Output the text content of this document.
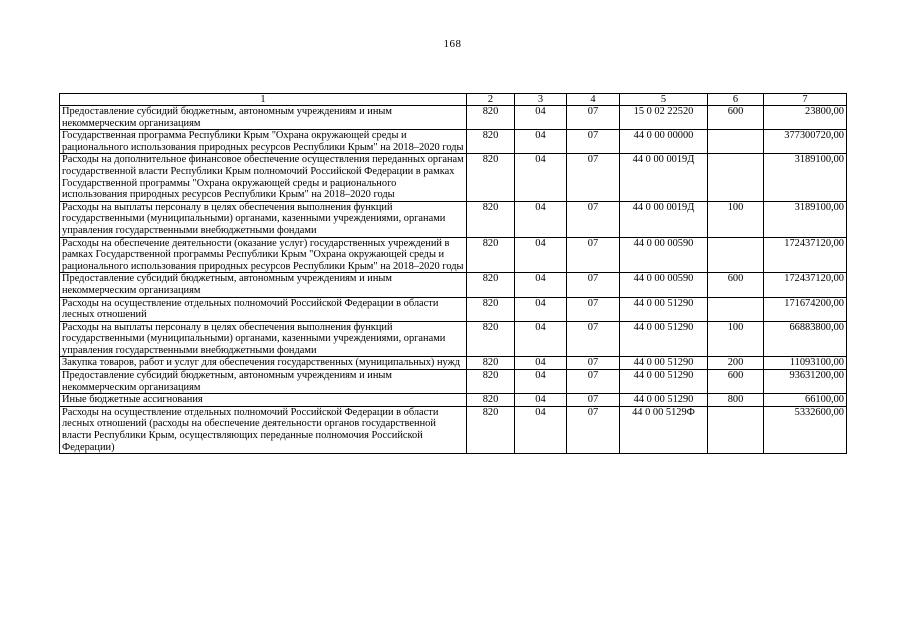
168
1	2	3	4	5	6	7
Предоставление субсидий бюджетным, автономным учреждениям и иным некоммерческим организациям	820	04	07	15 0 02 22520	600	23800,00
Государственная программа Республики Крым "Охрана окружающей среды и рационального использования природных ресурсов Республики Крым" на 2018–2020 годы	820	04	07	44 0 00 00000		377300720,00
Расходы на дополнительное финансовое обеспечение осуществления переданных органам государственной власти Республики Крым полномочий Российской Федерации в рамках Государственной программы "Охрана окружающей среды и рационального использования природных ресурсов Республики Крым" на 2018–2020 годы	820	04	07	44 0 00 0019Д		3189100,00
Расходы на выплаты персоналу в целях обеспечения выполнения функций государственными (муниципальными) органами, казенными учреждениями, органами управления государственными внебюджетными фондами	820	04	07	44 0 00 0019Д	100	3189100,00
Расходы на обеспечение деятельности (оказание услуг) государственных учреждений в рамках Государственной программы Республики Крым "Охрана окружающей среды и рационального использования природных ресурсов Республики Крым" на 2018–2020 годы	820	04	07	44 0 00 00590		172437120,00
Предоставление субсидий бюджетным, автономным учреждениям и иным некоммерческим организациям	820	04	07	44 0 00 00590	600	172437120,00
Расходы на осуществление отдельных полномочий Российской Федерации в области лесных отношений	820	04	07	44 0 00 51290		171674200,00
Расходы на выплаты персоналу в целях обеспечения выполнения функций государственными (муниципальными) органами, казенными учреждениями, органами управления государственными внебюджетными фондами	820	04	07	44 0 00 51290	100	66883800,00
Закупка товаров, работ и услуг для обеспечения государственных (муниципальных) нужд	820	04	07	44 0 00 51290	200	11093100,00
Предоставление субсидий бюджетным, автономным учреждениям и иным некоммерческим организациям	820	04	07	44 0 00 51290	600	93631200,00
Иные бюджетные ассигнования	820	04	07	44 0 00 51290	800	66100,00
Расходы на осуществление отдельных полномочий Российской Федерации в области лесных отношений (расходы на обеспечение деятельности органов государственной власти Республики Крым, осуществляющих переданные полномочия Российской Федерации)	820	04	07	44 0 00 5129Ф		5332600,00
